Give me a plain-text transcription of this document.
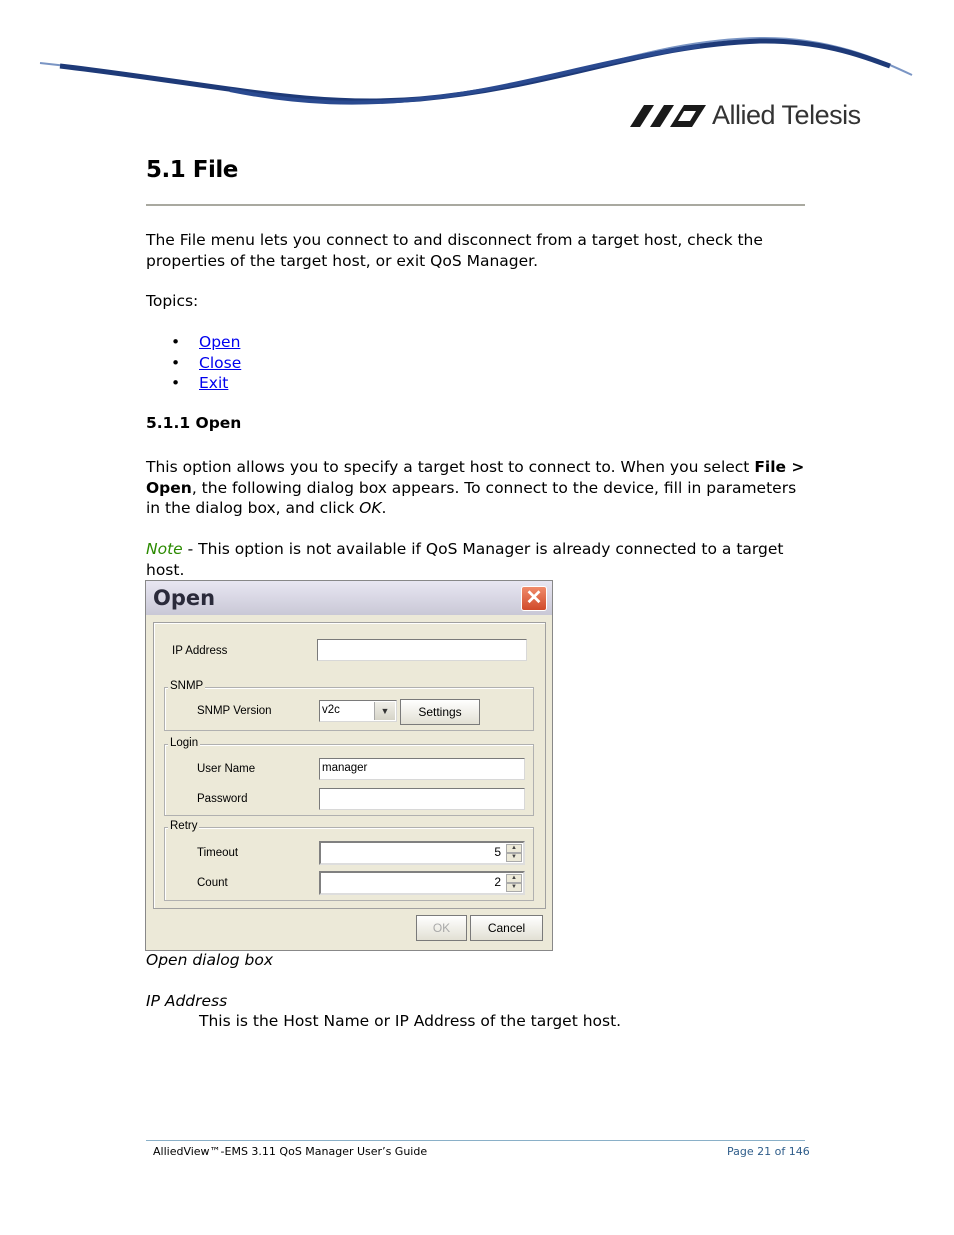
Allied Telesis
5.1 File
The File menu lets you connect to and disconnect from a target host, check the properties of the target host, or exit QoS Manager.
Topics:
•	Open
•	Close
•	Exit
5.1.1 Open
This option allows you to specify a target host to connect to. When you select File > Open, the following dialog box appears. To connect to the device, fill in parameters in the dialog box, and click OK.
Note - This option is not available if QoS Manager is already connected to a target host.
Open	✕
IP Address
SNMP
SNMP Version	v2c	▼	Settings
Login
User Name	manager
Password
Retry
Timeout	5	▲
▼
Count	2	▲
▼
OK	Cancel
Open dialog box
IP Address
This is the Host Name or IP Address of the target host.
AlliedView™-EMS 3.11 QoS Manager User’s Guide	Page 21 of 146
